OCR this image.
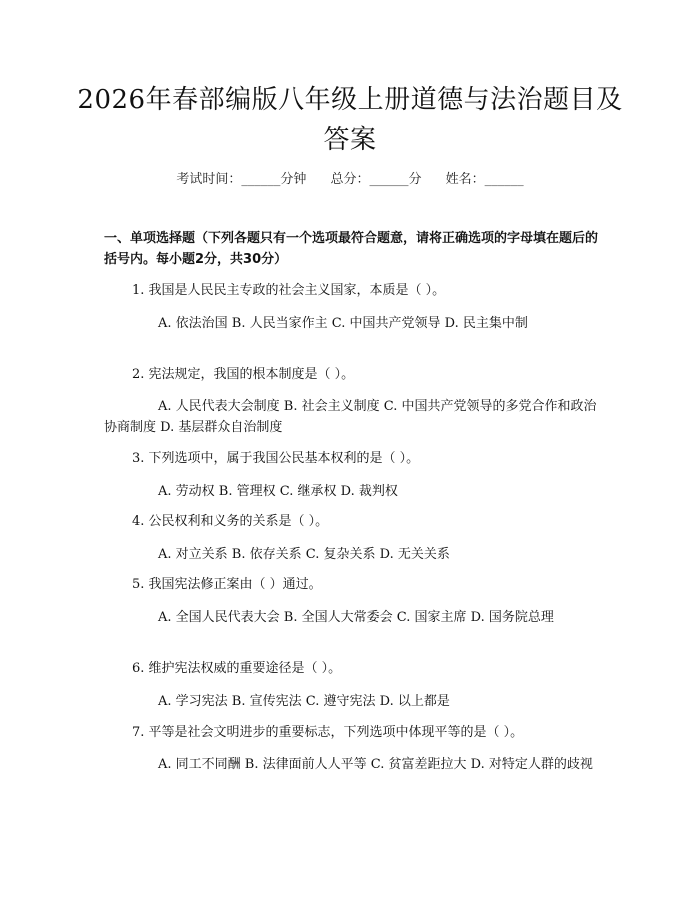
2026年春部编版八年级上册道德与法治题目及答案
考试时间：______分钟 总分：______分 姓名：______
一、单项选择题（下列各题只有一个选项最符合题意，请将正确选项的字母填在题后的括号内。每小题2分，共30分）
1. 我国是人民民主专政的社会主义国家，本质是（ ）。
A. 依法治国 B. 人民当家作主 C. 中国共产党领导 D. 民主集中制
2. 宪法规定，我国的根本制度是（ ）。
A. 人民代表大会制度 B. 社会主义制度 C. 中国共产党领导的多党合作和政治协商制度 D. 基层群众自治制度
3. 下列选项中，属于我国公民基本权利的是（ ）。
A. 劳动权 B. 管理权 C. 继承权 D. 裁判权
4. 公民权利和义务的关系是（ ）。
A. 对立关系 B. 依存关系 C. 复杂关系 D. 无关关系
5. 我国宪法修正案由（ ）通过。
A. 全国人民代表大会 B. 全国人大常委会 C. 国家主席 D. 国务院总理
6. 维护宪法权威的重要途径是（ ）。
A. 学习宪法 B. 宣传宪法 C. 遵守宪法 D. 以上都是
7. 平等是社会文明进步的重要标志，下列选项中体现平等的是（ ）。
A. 同工不同酬 B. 法律面前人人平等 C. 贫富差距拉大 D. 对特定人群的歧视
